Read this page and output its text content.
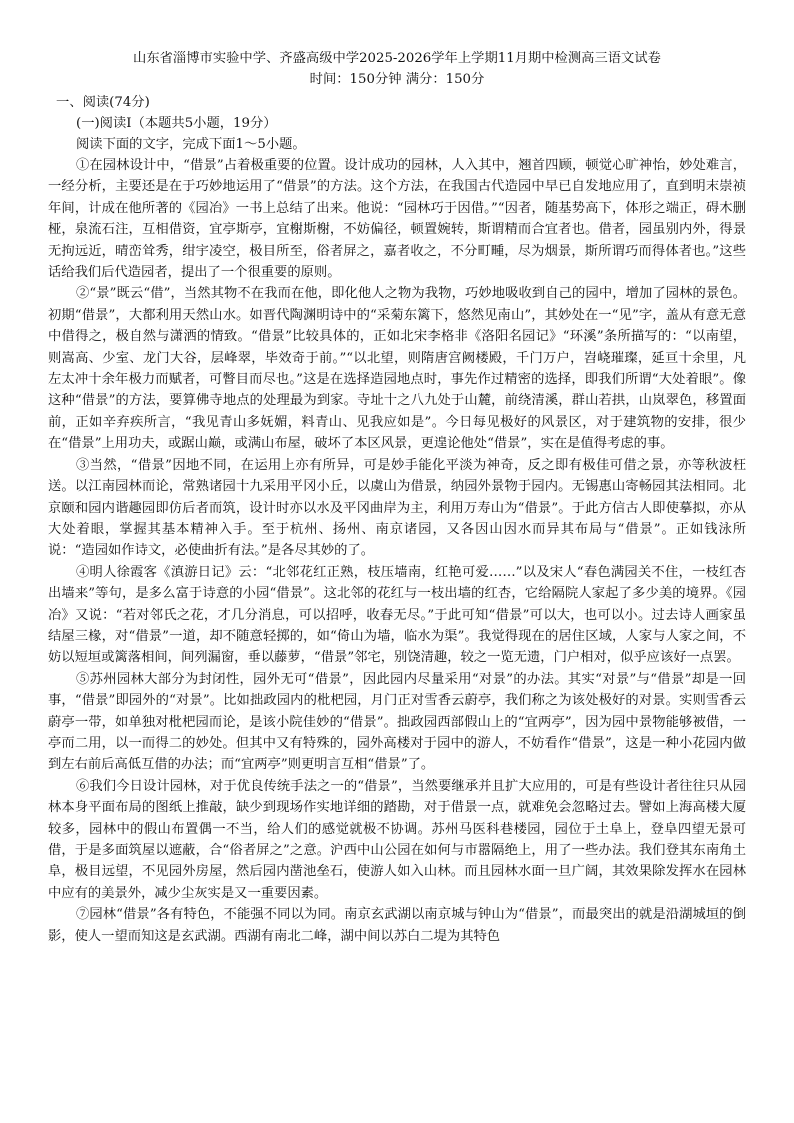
山东省淄博市实验中学、齐盛高级中学2025-2026学年上学期11月期中检测高三语文试卷

时间：150分钟 满分：150分

一、阅读(74分)

(一)阅读Ⅰ（本题共5小题，19分）

阅读下面的文字，完成下面1～5小题。

①在园林设计中，“借景”占着极重要的位置。设计成功的园林，人入其中，翘首四顾，顿觉心旷神怡，妙处难言，一经分析，主要还是在于巧妙地运用了“借景”的方法。这个方法，在我国古代造园中早已自发地应用了，直到明末崇祯年间，计成在他所著的《园冶》一书上总结了出来。他说：“园林巧于因借。”“因者，随基势高下，体形之端正，碍木删桠，泉流石注，互相借资，宜亭斯亭，宜榭斯榭，不妨偏径，顿置婉转，斯谓精而合宜者也。借者，园虽别内外，得景无拘远近，晴峦耸秀，绀宇凌空，极目所至，俗者屏之，嘉者收之，不分町畽，尽为烟景，斯所谓巧而得体者也。”这些话给我们后代造园者，提出了一个很重要的原则。

②“景”既云“借”，当然其物不在我而在他，即化他人之物为我物，巧妙地吸收到自己的园中，增加了园林的景色。初期“借景”，大都利用天然山水。如晋代陶渊明诗中的“采菊东篱下，悠然见南山”，其妙处在一“见”字，盖从有意无意中借得之，极自然与潇洒的情致。“借景”比较具体的，正如北宋李格非《洛阳名园记》“环溪”条所描写的：“以南望，则嵩高、少室、龙门大谷，层峰翠，毕效奇于前。”“以北望，则隋唐宫阙楼殿，千门万户，岧峣璀璨，延亘十余里，凡左太冲十余年极力而赋者，可瞥目而尽也。”这是在选择造园地点时，事先作过精密的选择，即我们所谓“大处着眼”。像这种“借景”的方法，要算佛寺地点的处理最为到家。寺址十之八九处于山麓，前绕清溪，群山若拱，山岚翠色，移置面前，正如辛弃疾所言，“我见青山多妩媚，料青山、见我应如是”。今日每见极好的风景区，对于建筑物的安排，很少在“借景”上用功夫，或踞山巅，或满山布屋，破坏了本区风景，更遑论他处“借景”，实在是值得考虑的事。

③当然，“借景”因地不同，在运用上亦有所异，可是妙手能化平淡为神奇，反之即有极佳可借之景，亦等秋波枉送。以江南园林而论，常熟诸园十九采用平冈小丘，以虞山为借景，纳园外景物于园内。无锡惠山寄畅园其法相同。北京颐和园内谐趣园即仿后者而筑，设计时亦以水及平冈曲岸为主，利用万寿山为“借景”。于此方信古人即使摹拟，亦从大处着眼，掌握其基本精神入手。至于杭州、扬州、南京诸园，又各因山因水而异其布局与“借景”。正如钱泳所说：“造园如作诗文，必使曲折有法。”是各尽其妙的了。

④明人徐霞客《滇游日记》云：“北邻花红正熟，枝压墙南，红艳可爱……”以及宋人“春色满园关不住，一枝红杏出墙来”等句，是多么富于诗意的小园“借景”。这北邻的花红与一枝出墙的红杏，它给隔院人家起了多少美的境界。《园冶》又说：“若对邻氏之花，才几分消息，可以招呼，收春无尽。”于此可知“借景”可以大，也可以小。过去诗人画家虽结屋三椽，对“借景”一道，却不随意轻掷的，如“倚山为墙，临水为渠”。我觉得现在的居住区域，人家与人家之间，不妨以短垣或篱落相间，间列漏窗，垂以藤萝，“借景”邻宅，别饶清趣，较之一览无遗，门户相对，似乎应该好一点罢。

⑤苏州园林大部分为封闭性，园外无可“借景”，因此园内尽量采用“对景”的办法。其实“对景”与“借景”却是一回事，“借景”即园外的“对景”。比如拙政园内的枇杷园，月门正对雪香云蔚亭，我们称之为该处极好的对景。实则雪香云蔚亭一带，如单独对枇杷园而论，是该小院佳妙的“借景”。拙政园西部假山上的“宜两亭”，因为园中景物能够被借，一亭而二用，以一而得二的妙处。但其中又有特殊的，园外高楼对于园中的游人，不妨看作“借景”，这是一种小花园内做到左右前后高低互借的办法；而“宜两亭”则更明言互相“借景”了。

⑥我们今日设计园林，对于优良传统手法之一的“借景”，当然要继承并且扩大应用的，可是有些设计者往往只从园林本身平面布局的图纸上推敲，缺少到现场作实地详细的踏勘，对于借景一点，就难免会忽略过去。譬如上海高楼大厦较多，园林中的假山布置偶一不当，给人们的感觉就极不协调。苏州马医科巷楼园，园位于土阜上，登阜四望无景可借，于是多面筑屋以遮蔽，合“俗者屏之”之意。沪西中山公园在如何与市嚣隔绝上，用了一些办法。我们登其东南角土阜，极目远望，不见园外房屋，然后园内凿池垒石，使游人如入山林。而且园林水面一旦广阔，其效果除发挥水在园林中应有的美景外，减少尘灰实是又一重要因素。

⑦园林“借景”各有特色，不能强不同以为同。南京玄武湖以南京城与钟山为“借景”，而最突出的就是沿湖城垣的倒影，使人一望而知这是玄武湖。西湖有南北二峰，湖中间以苏白二堤为其特色
